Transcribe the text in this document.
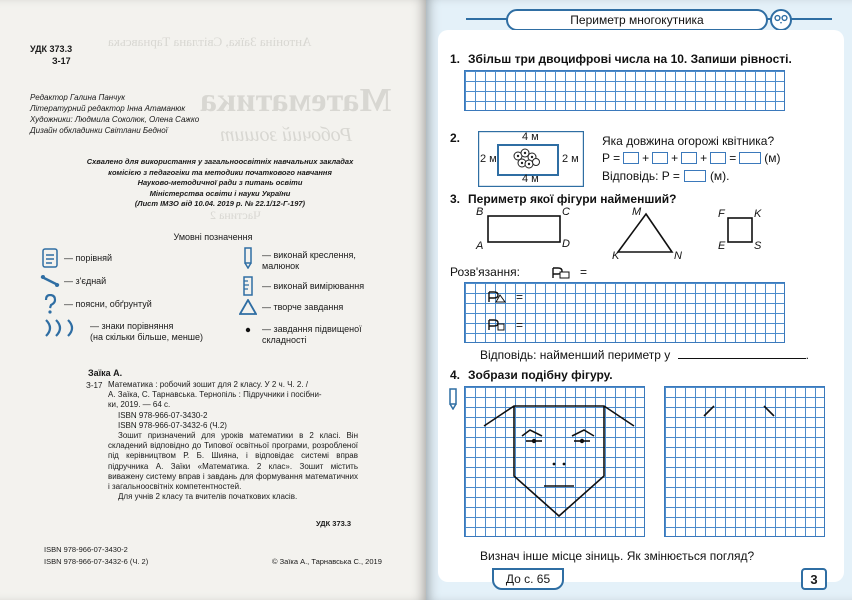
Антоніна Заїка, Світлана Тарнавська
Математика
Робочий зошит
Частина 2
УДК 373.3
З-17
Редактор Галина Панчук
Літературний редактор Інна Атаманюк
Художники: Людмила Соколюк, Олена Сажко
Дизайн обкладинки Світлани Бедної
Схвалено для використання у загальноосвітніх навчальних закладах
комісією з педагогіки та методики початкового навчання
Науково-методичної ради з питань освіти
Міністерства освіти і науки України
(Лист ІМЗО від 10.04. 2019 р. № 22.1/12-Г-197)
Умовні позначення
— порівняй
— з'єднай
— поясни, обґрунтуй
— знаки порівняння
(на скільки більше, менше)
— виконай креслення,
малюнок
— виконай вимірювання
— творче завдання
— завдання підвищеної
складності
Заїка А.
З-17 Математика : робочий зошит для 2 класу. У 2 ч. Ч. 2. /

А. Заїка, С. Тарнавська. Тернопіль : Підручники і посібни-

ки, 2019. — 64 с.

ISBN 978-966-07-3430-2

ISBN 978-966-07-3432-6 (Ч.2)

Зошит призначений для уроків математики в 2 класі. Він складений відповідно до Типової освітньої програми, розробленої під керівництвом Р. Б. Шияна, і відповідає системі вправ підручника А. Заїки «Математика. 2 клас». Зошит містить виважену систему вправ і завдань для формування математичних і загальноосвітніх компетентностей.

Для учнів 2 класу та вчителів початкових класів.

УДК 373.3
ISBN 978-966-07-3430-2
ISBN 978-966-07-3432-6 (Ч. 2)	© Заїка А., Тарнавська С., 2019
Периметр многокутника
1. Збільш три двоцифрові числа на 10. Запиши рівності.
2.	4 м
4 м
2 м	2 м
Яка довжина огорожі квітника?
P = + + + = (м)
Відповідь: P =	(м).
3. Периметр якої фігури найменший?
B	C
A	D
M
K	N
F	K
E	S
Розв'язання:	=
=
=
Відповідь: найменший периметр у	.
4. Зобрази подібну фігуру.
Визнач інше місце зіниць. Як змінюється погляд?
До с. 65	3
